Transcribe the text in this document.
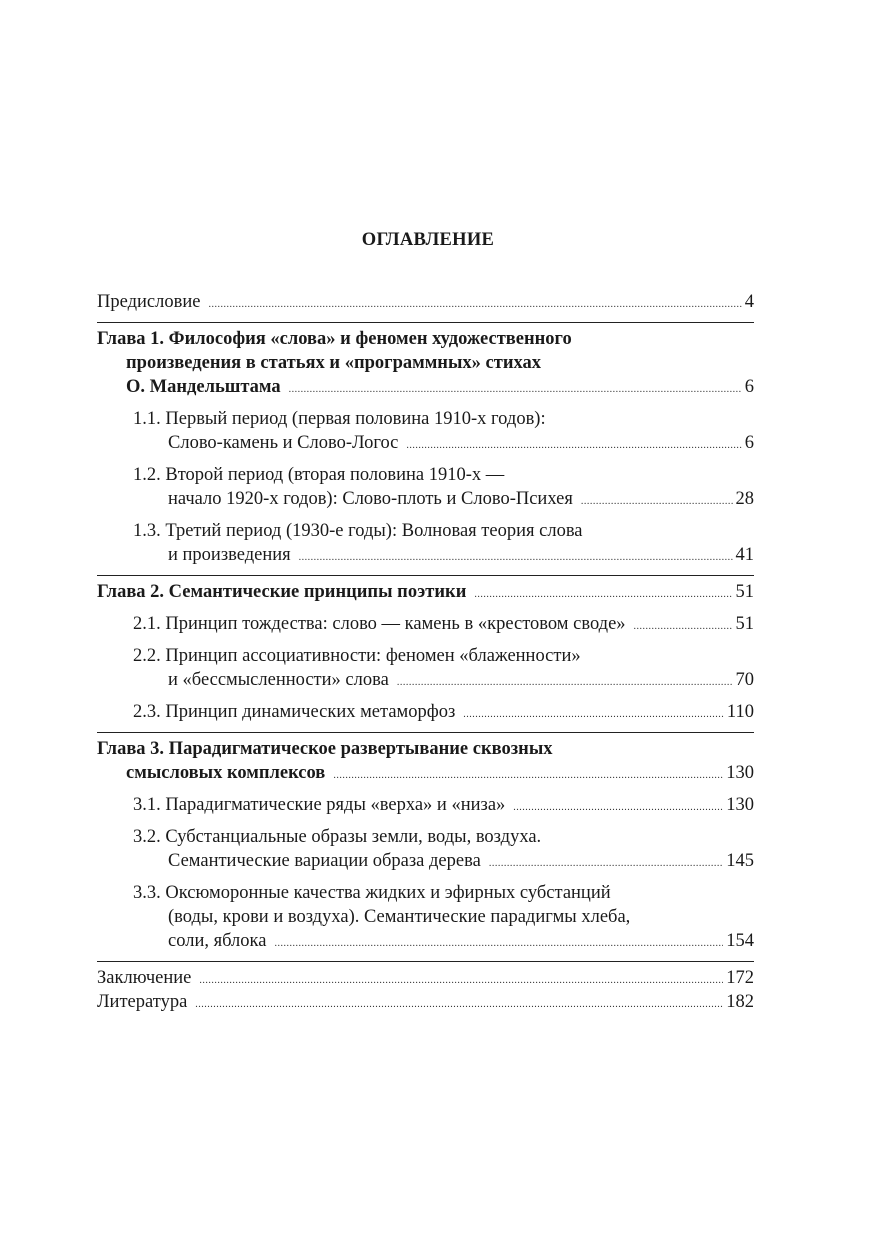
ОГЛАВЛЕНИЕ
Предисловие .....	4
Глава 1. Философия «слова» и феномен художественного
произведения в статьях и «программных» стихах
О. Мандельштама .....	6
1.1. Первый период (первая половина 1910-х годов):
Слово-камень и Слово-Логос .....	6
1.2. Второй период (вторая половина 1910-х —
начало 1920-х годов): Слово-плоть и Слово-Психея .....	28
1.3. Третий период (1930-е годы): Волновая теория слова
и произведения .....	41
Глава 2. Семантические принципы поэтики .....	51
2.1. Принцип тождества: слово — камень в «крестовом своде» .....	51
2.2. Принцип ассоциативности: феномен «блаженности»
и «бессмысленности» слова .....	70
2.3. Принцип динамических метаморфоз .....	110
Глава 3. Парадигматическое развертывание сквозных
смысловых комплексов .....	130
3.1. Парадигматические ряды «верха» и «низа» .....	130
3.2. Субстанциальные образы земли, воды, воздуха.
Семантические вариации образа дерева .....	145
3.3. Оксюморонные качества жидких и эфирных субстанций
(воды, крови и воздуха). Семантические парадигмы хлеба,
соли, яблока .....	154
Заключение .....	172
Литература .....	182
